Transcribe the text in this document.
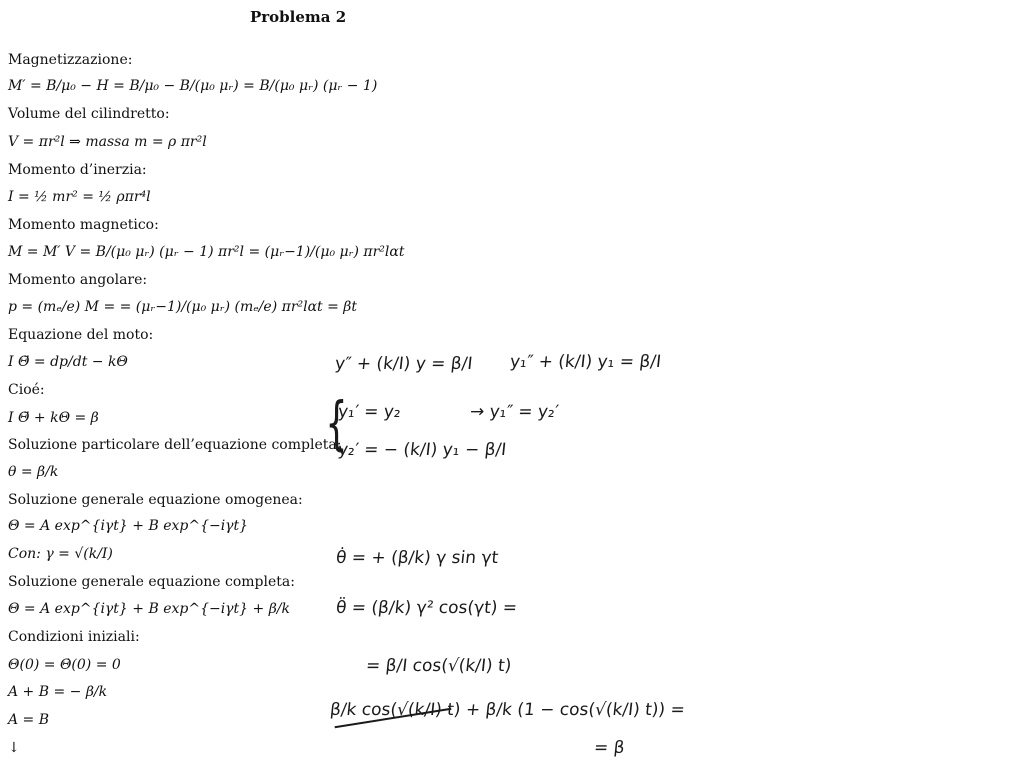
Problema 2
Magnetizzazione:
M′ = B/μ₀ − H = B/μ₀ − B/(μ₀ μᵣ) = B/(μ₀ μᵣ) (μᵣ − 1)
Volume del cilindretto:
V = πr²l ⇒ massa m = ρ πr²l
Momento d’inerzia:
I = ½ mr² = ½ ρπr⁴l
Momento magnetico:
M = M′ V = B/(μ₀ μᵣ) (μᵣ − 1) πr²l = (μᵣ−1)/(μ₀ μᵣ) πr²lαt
Momento angolare:
p = (mₑ/e) M = = (μᵣ−1)/(μ₀ μᵣ) (mₑ/e) πr²lαt = βt
Equazione del moto:
I Θ̈ = dp/dt − kΘ
Cioé:
I Θ̈ + kΘ = β
Soluzione particolare dell’equazione completa:
θ = β/k
Soluzione generale equazione omogenea:
Θ = A exp^{iγt} + B exp^{−iγt}
Con: γ = √(k/I)
Soluzione generale equazione completa:
Θ = A exp^{iγt} + B exp^{−iγt} + β/k
Condizioni iniziali:
Θ(0) = Θ̇(0) = 0
A + B = − β/k
A = B
↓
y″ + (k/I) y = β/I y₁″ + (k/I) y₁ = β/I
{
y₁′ = y₂	→ y₁″ = y₂′
y₂′ = − (k/I) y₁ − β/I
θ̇ = + (β/k) γ sin γt
θ̈ = (β/k) γ² cos(γt) =
= β/I cos(√(k/I) t)
β/k cos(√(k/I) t) + β/k (1 − cos(√(k/I) t)) =
= β
